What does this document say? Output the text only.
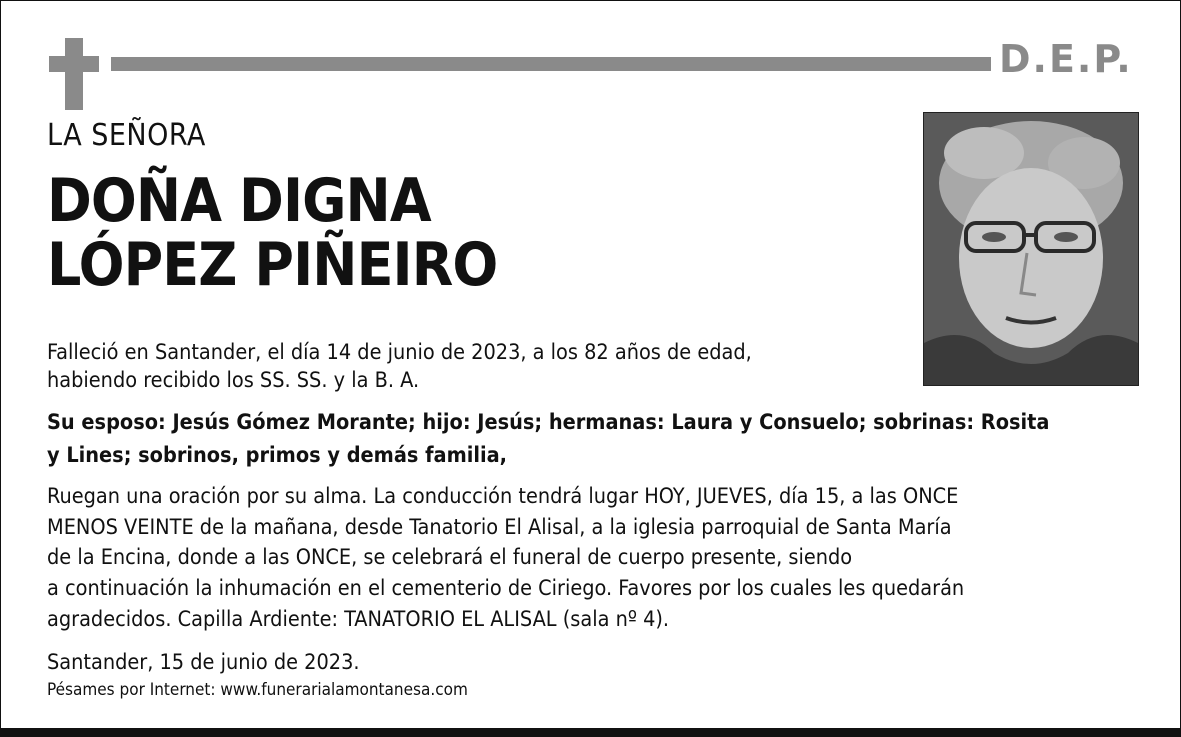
D.E.P.
LA SEÑORA
DOÑA DIGNA
LÓPEZ PIÑEIRO
Falleció en Santander, el día 14 de junio de 2023, a los 82 años de edad,
habiendo recibido los SS. SS. y la B. A.
Su esposo: Jesús Gómez Morante; hijo: Jesús; hermanas: Laura y Consuelo; sobrinas: Rosita
y Lines; sobrinos, primos y demás familia,
Ruegan una oración por su alma. La conducción tendrá lugar HOY, JUEVES, día 15, a las ONCE
MENOS VEINTE de la mañana, desde Tanatorio El Alisal, a la iglesia parroquial de Santa María
de la Encina, donde a las ONCE, se celebrará el funeral de cuerpo presente, siendo
a continuación la inhumación en el cementerio de Ciriego. Favores por los cuales les quedarán
agradecidos. Capilla Ardiente: TANATORIO EL ALISAL (sala nº 4).
Santander, 15 de junio de 2023.
Pésames por Internet: www.funerarialamontanesa.com
